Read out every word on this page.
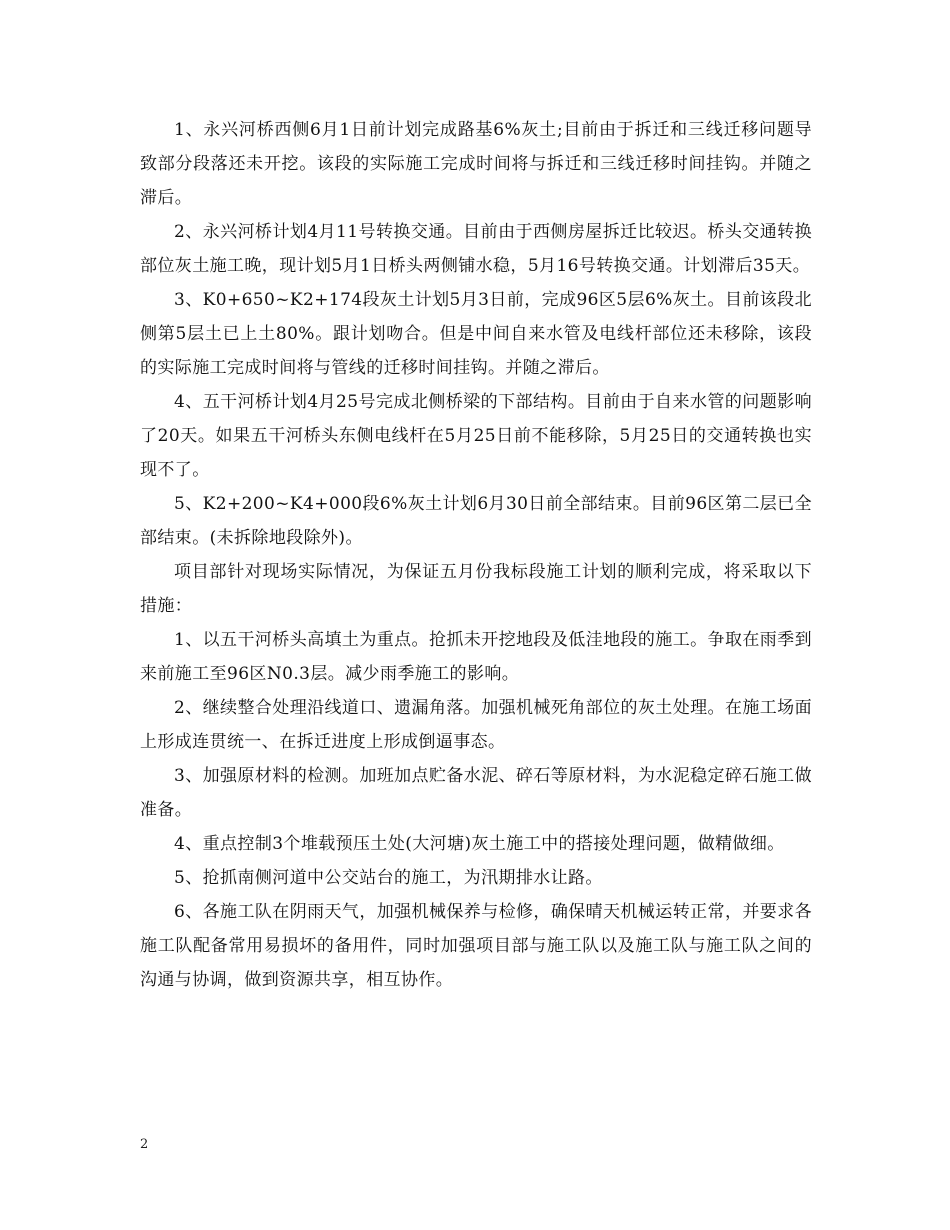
1、永兴河桥西侧6月1日前计划完成路基6%灰土;目前由于拆迁和三线迁移问题导致部分段落还未开挖。该段的实际施工完成时间将与拆迁和三线迁移时间挂钩。并随之滞后。

2、永兴河桥计划4月11号转换交通。目前由于西侧房屋拆迁比较迟。桥头交通转换部位灰土施工晚，现计划5月1日桥头两侧铺水稳，5月16号转换交通。计划滞后35天。

3、K0+650~K2+174段灰土计划5月3日前，完成96区5层6%灰土。目前该段北侧第5层土已上土80%。跟计划吻合。但是中间自来水管及电线杆部位还未移除，该段的实际施工完成时间将与管线的迁移时间挂钩。并随之滞后。

4、五干河桥计划4月25号完成北侧桥梁的下部结构。目前由于自来水管的问题影响了20天。如果五干河桥头东侧电线杆在5月25日前不能移除，5月25日的交通转换也实现不了。

5、K2+200~K4+000段6%灰土计划6月30日前全部结束。目前96区第二层已全部结束。(未拆除地段除外)。

项目部针对现场实际情况，为保证五月份我标段施工计划的顺利完成，将采取以下措施：

1、以五干河桥头高填土为重点。抢抓未开挖地段及低洼地段的施工。争取在雨季到来前施工至96区N0.3层。减少雨季施工的影响。

2、继续整合处理沿线道口、遗漏角落。加强机械死角部位的灰土处理。在施工场面上形成连贯统一、在拆迁进度上形成倒逼事态。

3、加强原材料的检测。加班加点贮备水泥、碎石等原材料，为水泥稳定碎石施工做准备。

4、重点控制3个堆载预压土处(大河塘)灰土施工中的搭接处理问题，做精做细。

5、抢抓南侧河道中公交站台的施工，为汛期排水让路。

6、各施工队在阴雨天气，加强机械保养与检修，确保晴天机械运转正常，并要求各施工队配备常用易损坏的备用件，同时加强项目部与施工队以及施工队与施工队之间的沟通与协调，做到资源共享，相互协作。

2
